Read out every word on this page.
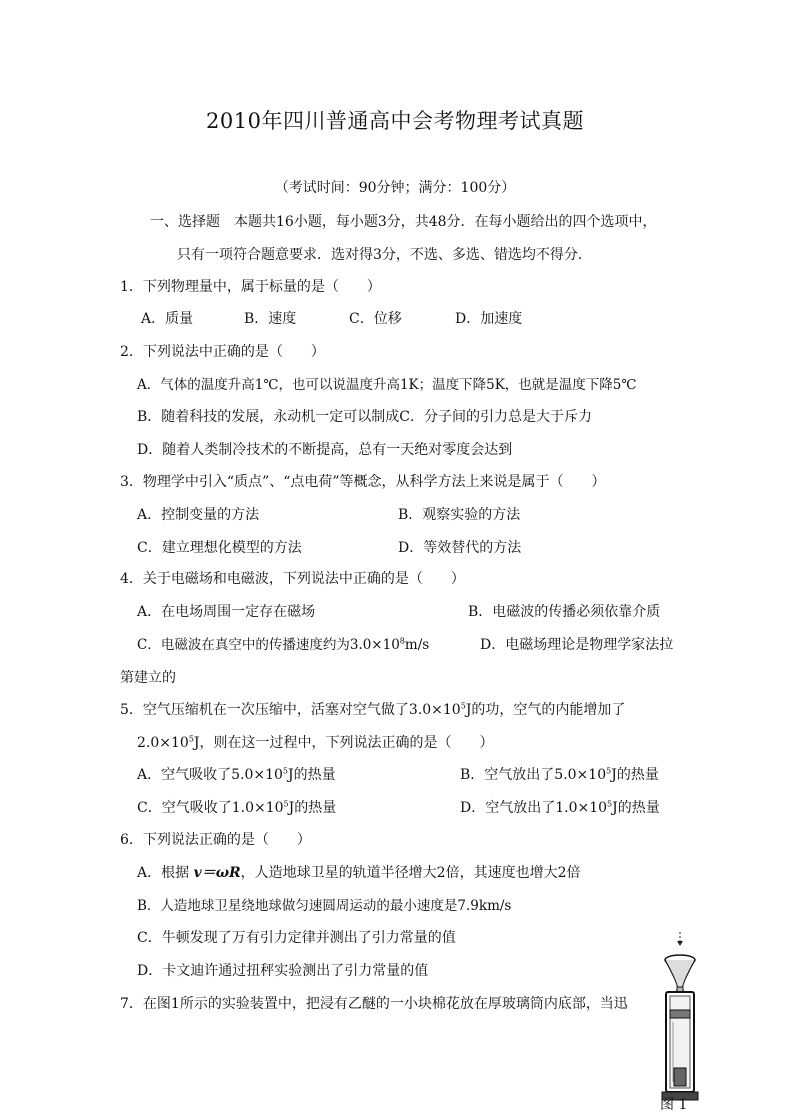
2010年四川普通高中会考物理考试真题
（考试时间：90分钟；满分：100分）
一、选择题　本题共16小题，每小题3分，共48分．在每小题给出的四个选项中，
只有一项符合题意要求．选对得3分，不选、多选、错选均不得分．
1．下列物理量中，属于标量的是（　　）
A．质量	B．速度	C．位移	D．加速度
2．下列说法中正确的是（　　）
A．气体的温度升高1℃，也可以说温度升高1K；温度下降5K，也就是温度下降5℃
B．随着科技的发展，永动机一定可以制成C．分子间的引力总是大于斥力
D．随着人类制冷技术的不断提高，总有一天绝对零度会达到
3．物理学中引入“质点”、“点电荷”等概念，从科学方法上来说是属于（　　）
A．控制变量的方法	B．观察实验的方法
C．建立理想化模型的方法	D．等效替代的方法
4．关于电磁场和电磁波，下列说法中正确的是（　　）
A．在电场周围一定存在磁场	B．电磁波的传播必须依靠介质
C．电磁波在真空中的传播速度约为$3.0\times 10^8m/s$	D．电磁场理论是物理学家法拉
第建立的
5．空气压缩机在一次压缩中，活塞对空气做了$3.0\times 10^5J$的功，空气的内能增加了
$2.0\times 10^5J$，则在这一过程中，下列说法正确的是（　　）
A．空气吸收了$5.0\times 10^5J$的热量	B．空气放出了$5.0\times 10^5J$的热量
C．空气吸收了$1.0\times 10^5J$的热量	D．空气放出了$1.0\times 10^5J$的热量
6．下列说法正确的是（　　）
A．根据 v＝ωR，人造地球卫星的轨道半径增大2倍，其速度也增大2倍
B．人造地球卫星绕地球做匀速圆周运动的最小速度是7.9km/s
C．牛顿发现了万有引力定律并测出了引力常量的值
D．卡文迪许通过扭秤实验测出了引力常量的值
7．在图1所示的实验装置中，把浸有乙醚的一小块棉花放在厚玻璃筒内底部，当迅
图 1
